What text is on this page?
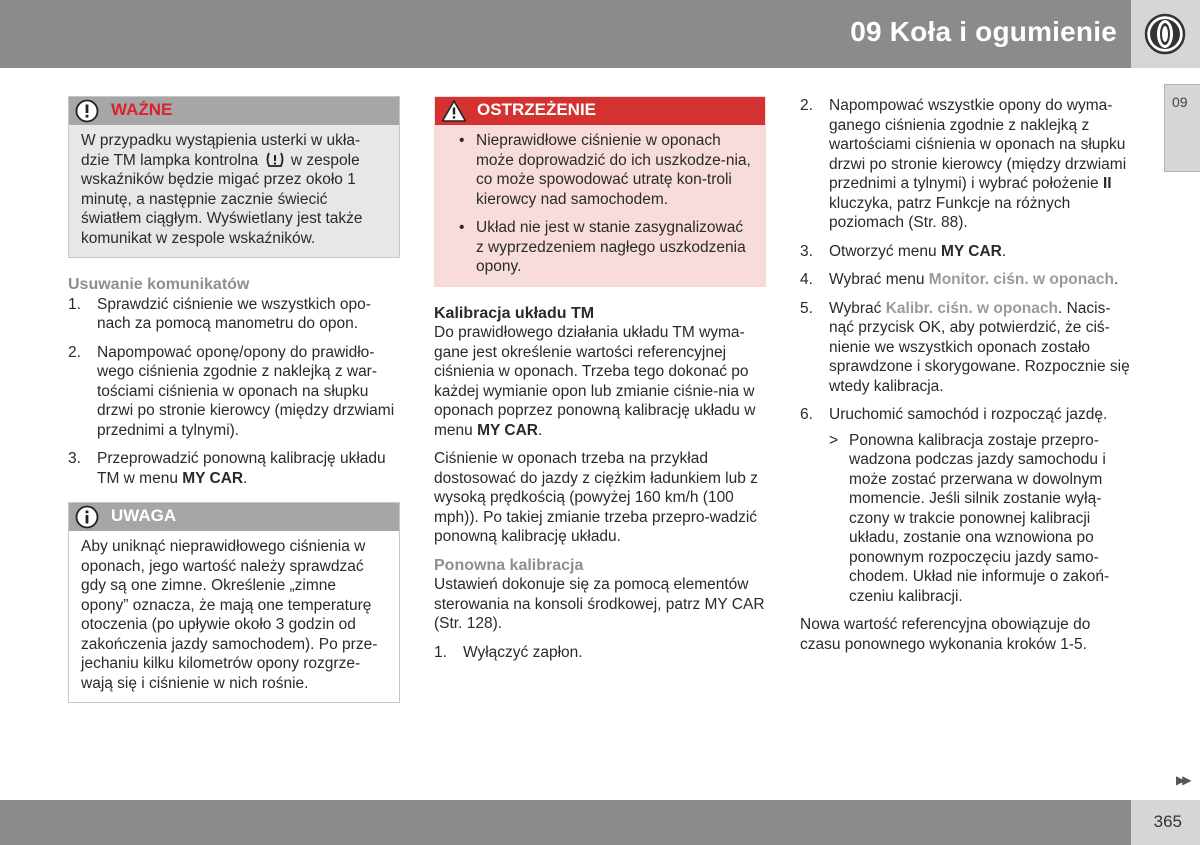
09 Koła i ogumienie
09
WAŻNE
W przypadku wystąpienia usterki w ukła-dzie TM lampka kontrolna w zespole wskaźników będzie migać przez około 1 minutę, a następnie zacznie świecić światłem ciągłym. Wyświetlany jest także komunikat w zespole wskaźników.
Usuwanie komunikatów
1. Sprawdzić ciśnienie we wszystkich opo-nach za pomocą manometru do opon.
2. Napompować oponę/opony do prawidło-wego ciśnienia zgodnie z naklejką z war-tościami ciśnienia w oponach na słupku drzwi po stronie kierowcy (między drzwiami przednimi a tylnymi).
3. Przeprowadzić ponowną kalibrację układu TM w menu MY CAR.
UWAGA
Aby uniknąć nieprawidłowego ciśnienia w oponach, jego wartość należy sprawdzać gdy są one zimne. Określenie „zimne opony” oznacza, że mają one temperaturę otoczenia (po upływie około 3 godzin od zakończenia jazdy samochodem). Po prze-jechaniu kilku kilometrów opony rozgrze-wają się i ciśnienie w nich rośnie.
OSTRZEŻENIE
• Nieprawidłowe ciśnienie w oponach może doprowadzić do ich uszkodze-nia, co może spowodować utratę kon-troli kierowcy nad samochodem.
• Układ nie jest w stanie zasygnalizować z wyprzedzeniem nagłego uszkodzenia opony.
Kalibracja układu TM

Do prawidłowego działania układu TM wyma-gane jest określenie wartości referencyjnej ciśnienia w oponach. Trzeba tego dokonać po każdej wymianie opon lub zmianie ciśnie-nia w oponach poprzez ponowną kalibrację układu w menu MY CAR.

Ciśnienie w oponach trzeba na przykład dostosować do jazdy z ciężkim ładunkiem lub z wysoką prędkością (powyżej 160 km/h (100 mph)). Po takiej zmianie trzeba przepro-wadzić ponowną kalibrację układu.

Ponowna kalibracja

Ustawień dokonuje się za pomocą elementów sterowania na konsoli środkowej, patrz MY CAR (Str. 128).

1. Wyłączyć zapłon.
2. Napompować wszystkie opony do wyma-ganego ciśnienia zgodnie z naklejką z wartościami ciśnienia w oponach na słupku drzwi po stronie kierowcy (między drzwiami przednimi a tylnymi) i wybrać położenie II kluczyka, patrz Funkcje na różnych poziomach (Str. 88).
3. Otworzyć menu MY CAR.
4. Wybrać menu Monitor. ciśn. w oponach.
5. Wybrać Kalibr. ciśn. w oponach. Nacis-nąć przycisk OK, aby potwierdzić, że ciś-nienie we wszystkich oponach zostało sprawdzone i skorygowane. Rozpocznie się wtedy kalibracja.
6. Uruchomić samochód i rozpocząć jazdę.
> Ponowna kalibracja zostaje przepro-wadzona podczas jazdy samochodu i może zostać przerwana w dowolnym momencie. Jeśli silnik zostanie wyłą-czony w trakcie ponownej kalibracji układu, zostanie ona wznowiona po ponownym rozpoczęciu jazdy samo-chodem. Układ nie informuje o zakoń-czeniu kalibracji.

Nowa wartość referencyjna obowiązuje do czasu ponownego wykonania kroków 1-5.

▶▶
365
